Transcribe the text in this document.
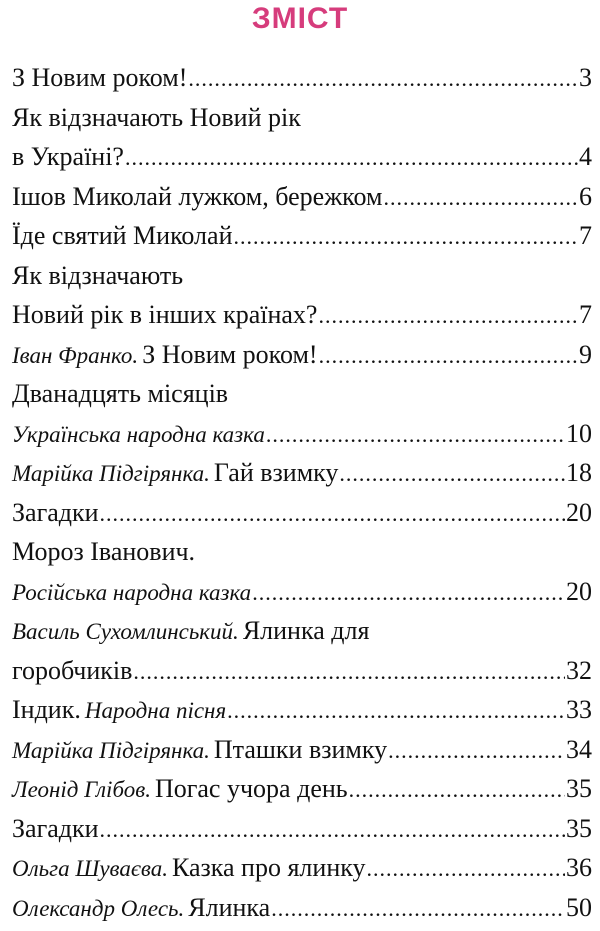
ЗМІСТ
З Новим роком! .....	3
Як відзначають Новий рік
в Україні? .....	4
Ішов Миколай лужком, бережком .....	6
Їде святий Миколай .....	7
Як відзначають
Новий рік в інших країнах? .....	7
Іван Франко.
З Новим роком! .....	9
Дванадцять місяців
Українська народна казка .....	10
Марійка Підгірянка.
Гай взимку .....	18
Загадки .....	20
Мороз Іванович.
Російська народна казка .....	20
Василь Сухомлинський.
Ялинка для
горобчиків .....	32
Індик.
Народна пісня .....	33
Марійка Підгірянка.
Пташки взимку .....	34
Леонід Глібов.
Погас учора день .....	35
Загадки .....	35
Ольга Шуваєва.
Казка про ялинку .....	36
Олександр Олесь.
Ялинка .....	50
